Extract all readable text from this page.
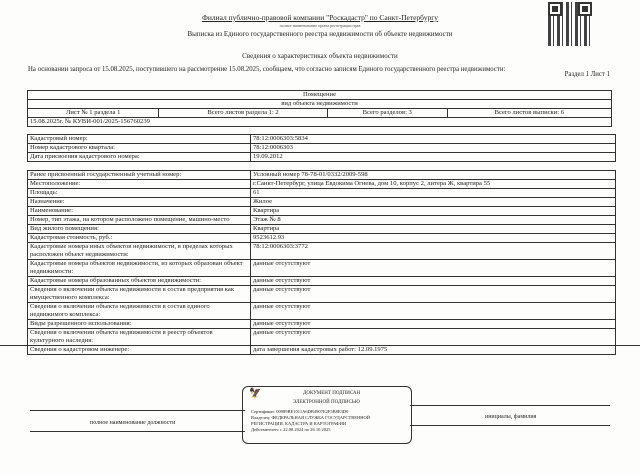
Филиал публично-правовой компании "Роскадастр" по Санкт-Петербургу
полное наименование органа регистрации прав
Выписка из Единого государственного реестра недвижимости об объекте недвижимости
Сведения о характеристиках объекта недвижимости
На основании запроса от 15.08.2025, поступившего на рассмотрение 15.08.2025, сообщаем, что согласно записям Единого государственного реестра недвижимости:
Раздел 1 Лист 1
Помещение
вид объекта недвижимости
Лист № 1 раздела 1	Всего листов раздела 1: 2	Всего разделов: 3	Всего листов выписки: 6
15.08.2025г. № КУВИ-001/2025-156760239
Кадастровый номер:	78:12:0006303:5834
Номер кадастрового квартала:	78:12:0006303
Дата присвоения кадастрового номера:	19.09.2012
Ранее присвоенный государственный учетный номер:	Условный номер 78-78-01/0332/2009-598
Местоположение:	г.Санкт-Петербург, улица Евдокима Огнева, дом 10, корпус 2, литера Ж, квартира 55
Площадь:	61
Назначение:	Жилое
Наименование:	Квартира
Номер, тип этажа, на котором расположено помещение, машино-место	Этаж № 8
Вид жилого помещения:	Квартира
Кадастровая стоимость, руб.:	9523612.93
Кадастровые номера иных объектов недвижимости, в пределах которых расположен объект недвижимости:	78:12:0006303:3772
Кадастровые номера объектов недвижимости, из которых образован объект недвижимости:	данные отсутствуют
Кадастровые номера образованных объектов недвижимости:	данные отсутствуют
Сведения о включении объекта недвижимости в состав предприятия как имущественного комплекса:	данные отсутствуют
Сведения о включении объекта недвижимости в состав единого недвижимого комплекса:	данные отсутствуют
Виды разрешенного использования:	данные отсутствуют
Сведения о включении объекта недвижимости в реестр объектов культурного наследия:	данные отсутствуют
Сведения о кадастровом инженере:	дата завершения кадастровых работ: 12.09.1975
🦅	ДОКУМЕНТ ПОДПИСАН
ЭЛЕКТРОННОЙ ПОДПИСЬЮ
Сертификат: 00989BE1011A6DB4907E2F5B8E3D0
Владелец: ФЕДЕРАЛЬНАЯ СЛУЖБА ГОСУДАРСТВЕННОЙ
РЕГИСТРАЦИИ, КАДАСТРА И КАРТОГРАФИИ
Действителен: с 22.08.2024 по 26.10.2025
полное наименование должности
инициалы, фамилия
